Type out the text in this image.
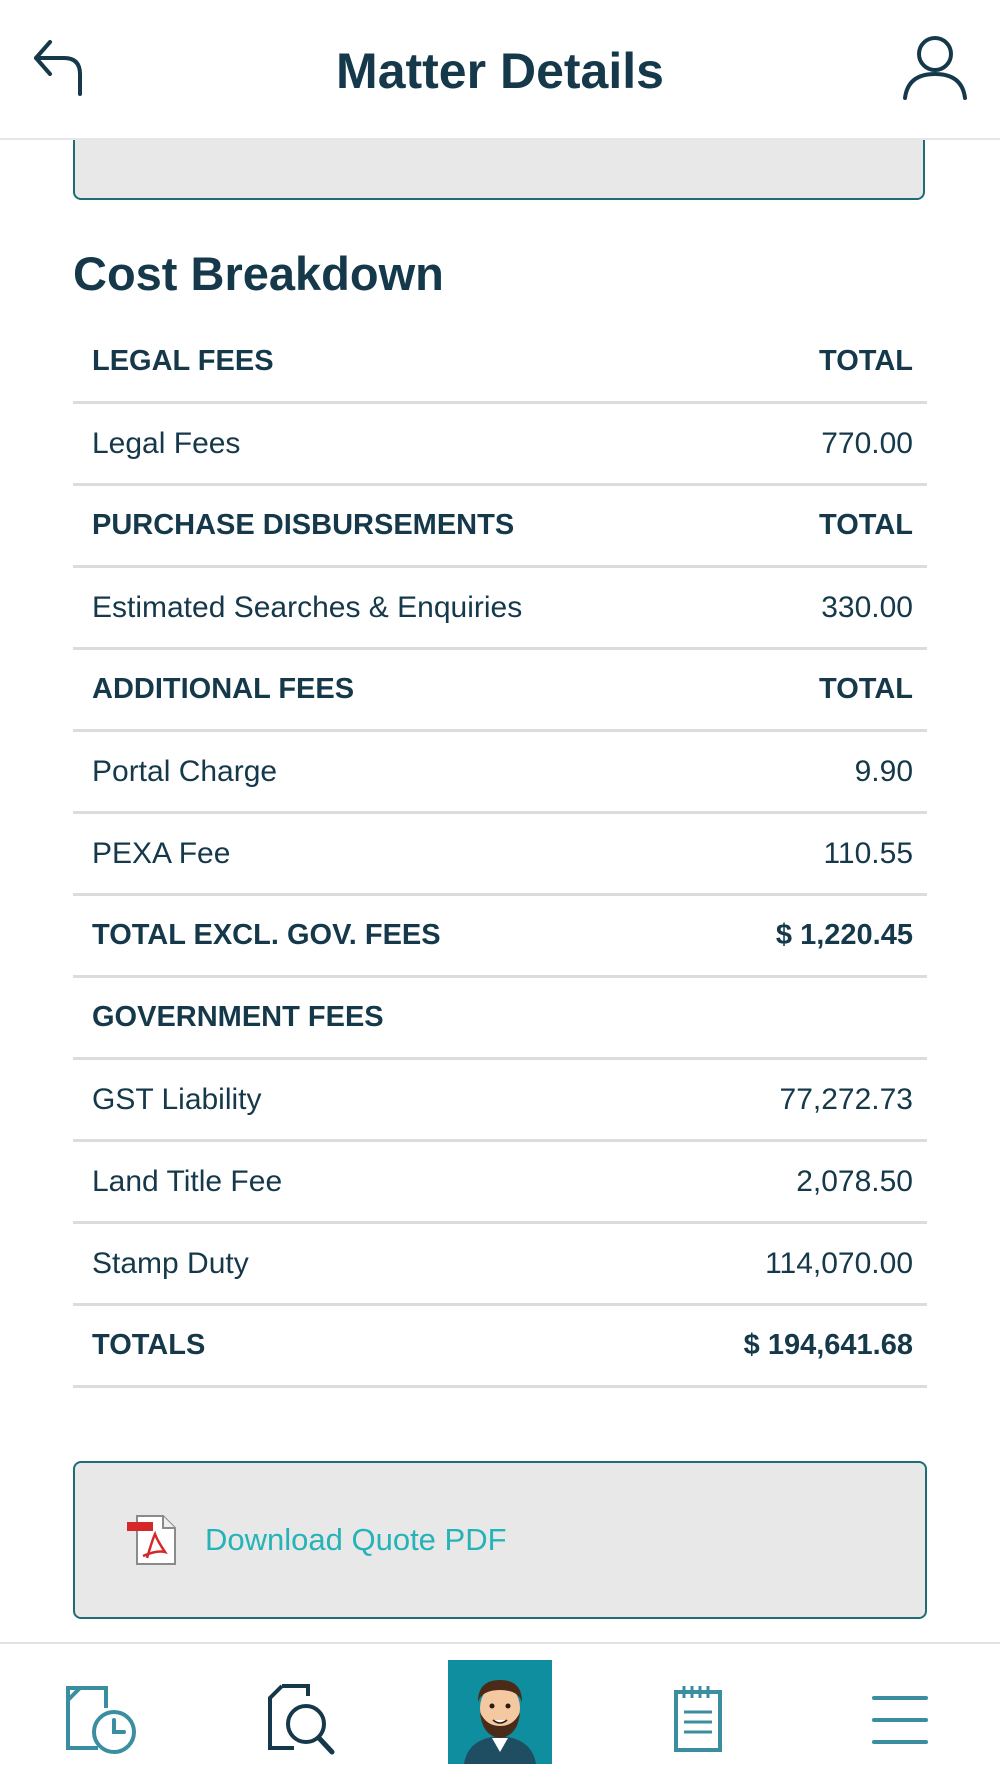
Matter Details
Cost Breakdown
LEGAL FEES	TOTAL
Legal Fees	770.00
PURCHASE DISBURSEMENTS	TOTAL
Estimated Searches & Enquiries	330.00
ADDITIONAL FEES	TOTAL
Portal Charge	9.90
PEXA Fee	110.55
TOTAL EXCL. GOV. FEES	$ 1,220.45
GOVERNMENT FEES
GST Liability	77,272.73
Land Title Fee	2,078.50
Stamp Duty	114,070.00
TOTALS	$ 194,641.68
Download Quote PDF
